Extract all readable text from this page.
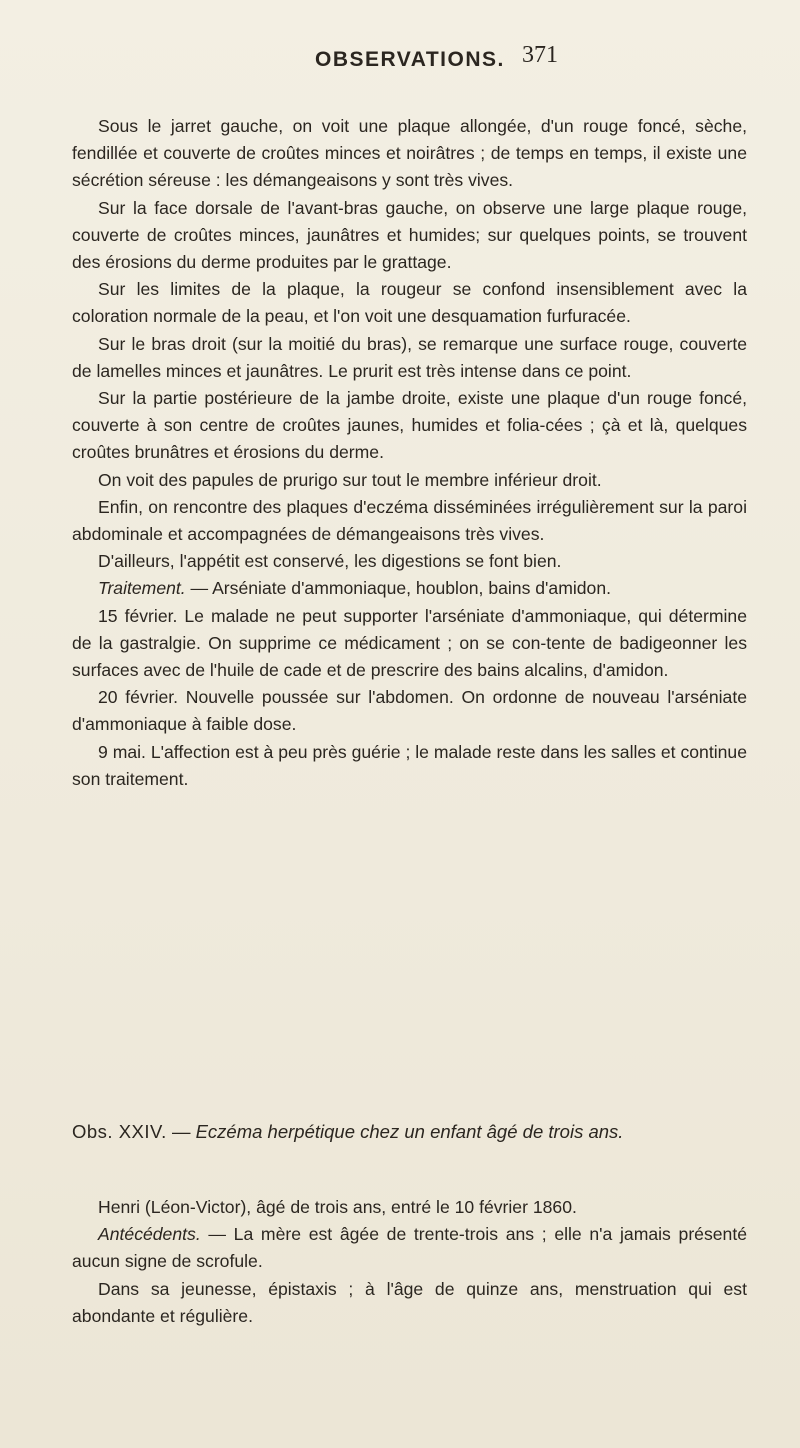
OBSERVATIONS. 371

Sous le jarret gauche, on voit une plaque allongée, d'un rouge foncé, sèche, fendillée et couverte de croûtes minces et noirâtres ; de temps en temps, il existe une sécrétion séreuse : les démangeaisons y sont très vives.

Sur la face dorsale de l'avant-bras gauche, on observe une large plaque rouge, couverte de croûtes minces, jaunâtres et humides; sur quelques points, se trouvent des érosions du derme produites par le grattage.

Sur les limites de la plaque, la rougeur se confond insensiblement avec la coloration normale de la peau, et l'on voit une desquamation furfuracée.

Sur le bras droit (sur la moitié du bras), se remarque une surface rouge, couverte de lamelles minces et jaunâtres. Le prurit est très intense dans ce point.

Sur la partie postérieure de la jambe droite, existe une plaque d'un rouge foncé, couverte à son centre de croûtes jaunes, humides et folia-cées ; çà et là, quelques croûtes brunâtres et érosions du derme.

On voit des papules de prurigo sur tout le membre inférieur droit.

Enfin, on rencontre des plaques d'eczéma disséminées irrégulièrement sur la paroi abdominale et accompagnées de démangeaisons très vives.

D'ailleurs, l'appétit est conservé, les digestions se font bien.

Traitement. — Arséniate d'ammoniaque, houblon, bains d'amidon.

15 février. Le malade ne peut supporter l'arséniate d'ammoniaque, qui détermine de la gastralgie. On supprime ce médicament ; on se con-tente de badigeonner les surfaces avec de l'huile de cade et de prescrire des bains alcalins, d'amidon.

20 février. Nouvelle poussée sur l'abdomen. On ordonne de nouveau l'arséniate d'ammoniaque à faible dose.

9 mai. L'affection est à peu près guérie ; le malade reste dans les salles et continue son traitement.

Obs. XXIV. — Eczéma herpétique chez un enfant âgé de trois ans.

Henri (Léon-Victor), âgé de trois ans, entré le 10 février 1860.

Antécédents. — La mère est âgée de trente-trois ans ; elle n'a jamais présenté aucun signe de scrofule.

Dans sa jeunesse, épistaxis ; à l'âge de quinze ans, menstruation qui est abondante et régulière.
